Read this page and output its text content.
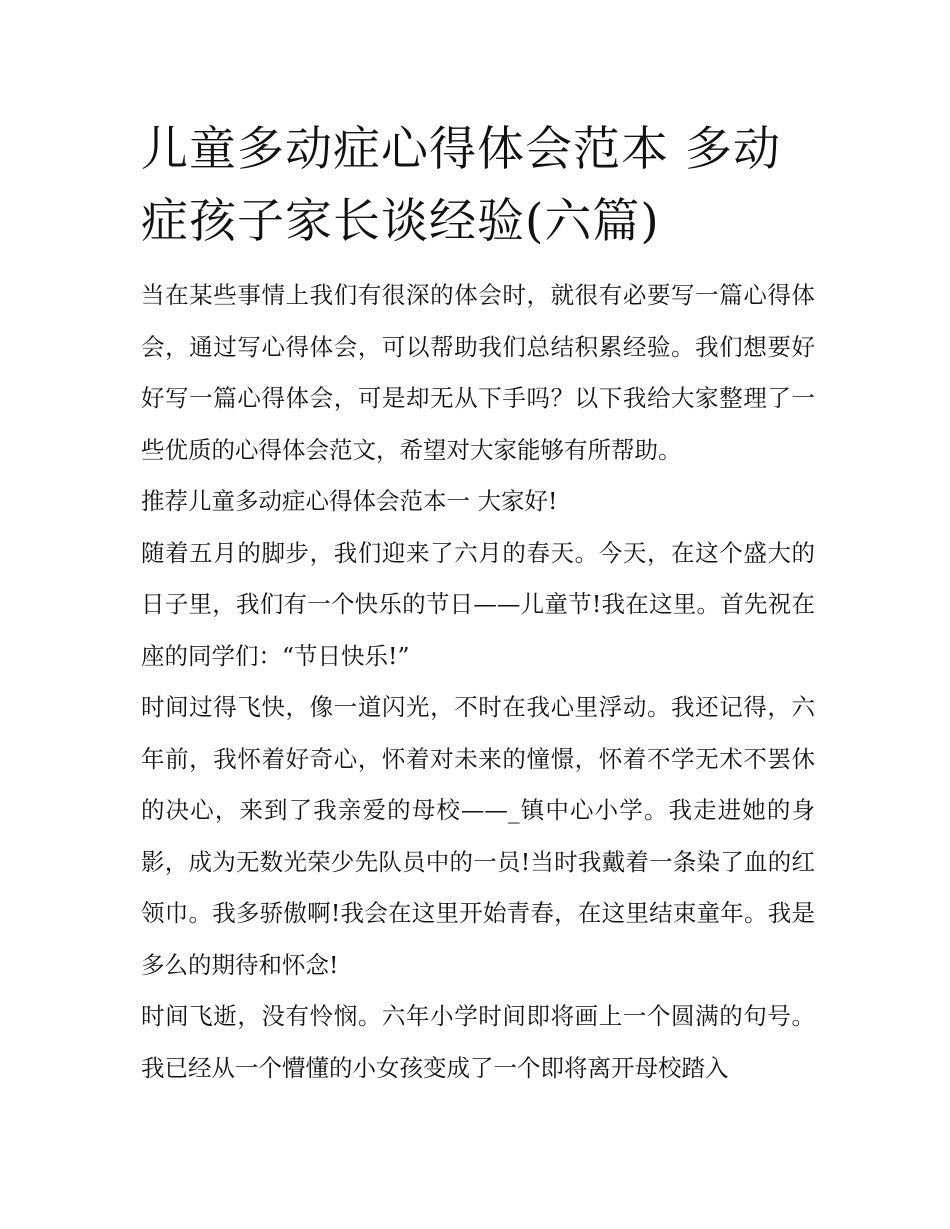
儿童多动症心得体会范本 多动症孩子家长谈经验(六篇)

当在某些事情上我们有很深的体会时，就很有必要写一篇心得体会，通过写心得体会，可以帮助我们总结积累经验。我们想要好好写一篇心得体会，可是却无从下手吗？以下我给大家整理了一些优质的心得体会范文，希望对大家能够有所帮助。

推荐儿童多动症心得体会范本一 大家好!

随着五月的脚步，我们迎来了六月的春天。今天，在这个盛大的日子里，我们有一个快乐的节日——儿童节!我在这里。首先祝在座的同学们：“节日快乐!”

时间过得飞快，像一道闪光，不时在我心里浮动。我还记得，六年前，我怀着好奇心，怀着对未来的憧憬，怀着不学无术不罢休的决心，来到了我亲爱的母校——_镇中心小学。我走进她的身影，成为无数光荣少先队员中的一员!当时我戴着一条染了血的红领巾。我多骄傲啊!我会在这里开始青春，在这里结束童年。我是多么的期待和怀念!

时间飞逝，没有怜悯。六年小学时间即将画上一个圆满的句号。我已经从一个懵懂的小女孩变成了一个即将离开母校踏入
